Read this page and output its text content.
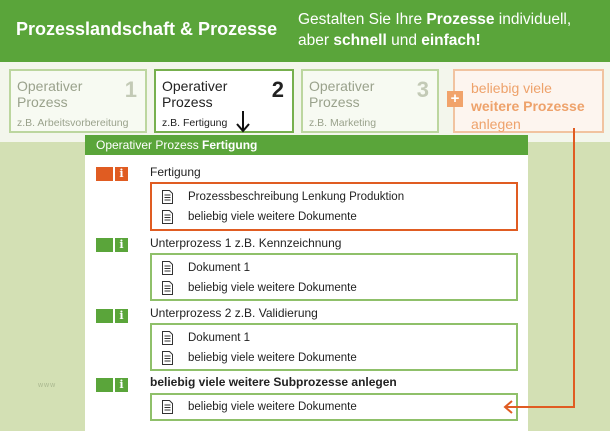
Prozesslandschaft & Prozesse Gestalten Sie Ihre Prozesse individuell,
aber schnell und einfach!
Operativer
Prozess	1
z.B. Arbeitsvorbereitung
Operativer
Prozess	2
z.B. Fertigung
Operativer
Prozess	3
z.B. Marketing
+
beliebig viele
weitere Prozesse
anlegen
Operativer Prozess Fertigung
i	Fertigung
Prozessbeschreibung Lenkung Produktion
beliebig viele weitere Dokumente
i	Unterprozess 1 z.B. Kennzeichnung
Dokument 1
beliebig viele weitere Dokumente
i	Unterprozess 2 z.B. Validierung
Dokument 1
beliebig viele weitere Dokumente
i	beliebig viele weitere Subprozesse anlegen
beliebig viele weitere Dokumente
www
